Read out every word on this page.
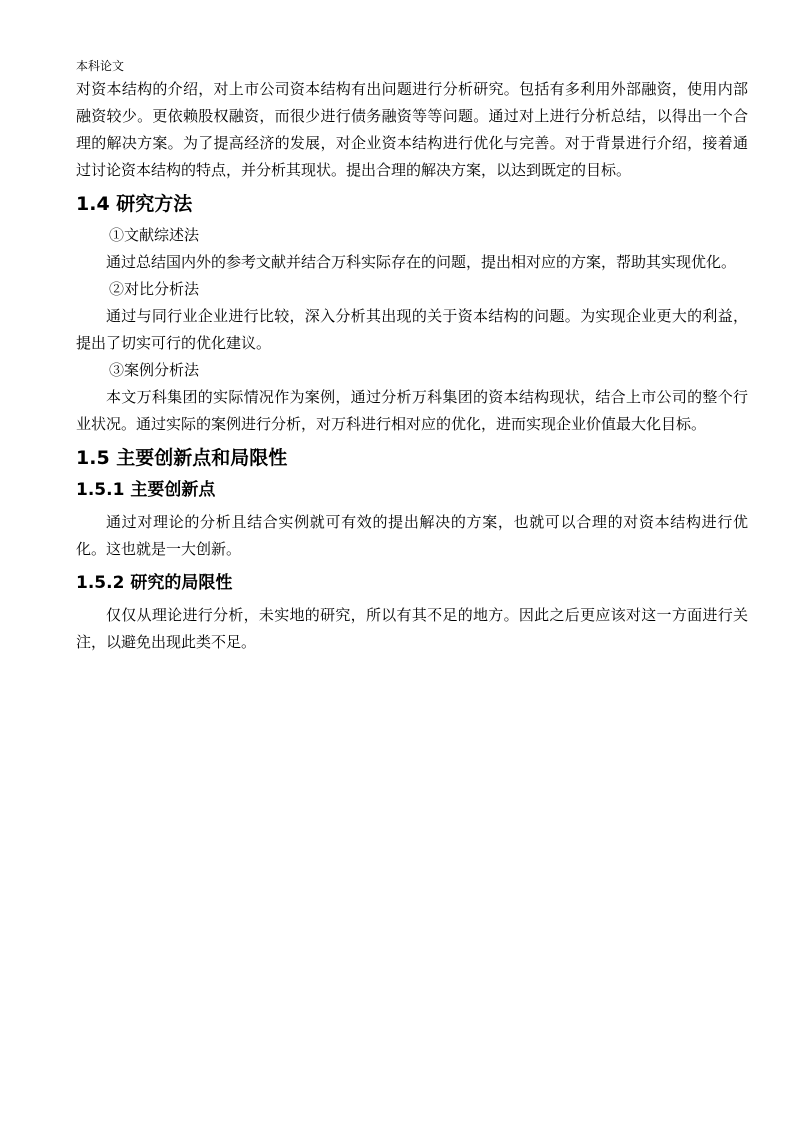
本科论文

对资本结构的介绍，对上市公司资本结构有出问题进行分析研究。包括有多利用外部融资，使用内部融资较少。更依赖股权融资，而很少进行债务融资等等问题。通过对上进行分析总结，以得出一个合理的解决方案。为了提高经济的发展，对企业资本结构进行优化与完善。对于背景进行介绍，接着通过讨论资本结构的特点，并分析其现状。提出合理的解决方案，以达到既定的目标。

1.4 研究方法

①文献综述法

通过总结国内外的参考文献并结合万科实际存在的问题，提出相对应的方案，帮助其实现优化。

②对比分析法

通过与同行业企业进行比较，深入分析其出现的关于资本结构的问题。为实现企业更大的利益，提出了切实可行的优化建议。

③案例分析法

本文万科集团的实际情况作为案例，通过分析万科集团的资本结构现状，结合上市公司的整个行业状况。通过实际的案例进行分析，对万科进行相对应的优化，进而实现企业价值最大化目标。

1.5 主要创新点和局限性
1.5.1 主要创新点

通过对理论的分析且结合实例就可有效的提出解决的方案，也就可以合理的对资本结构进行优化。这也就是一大创新。

1.5.2 研究的局限性

仅仅从理论进行分析，未实地的研究，所以有其不足的地方。因此之后更应该对这一方面进行关注，以避免出现此类不足。
